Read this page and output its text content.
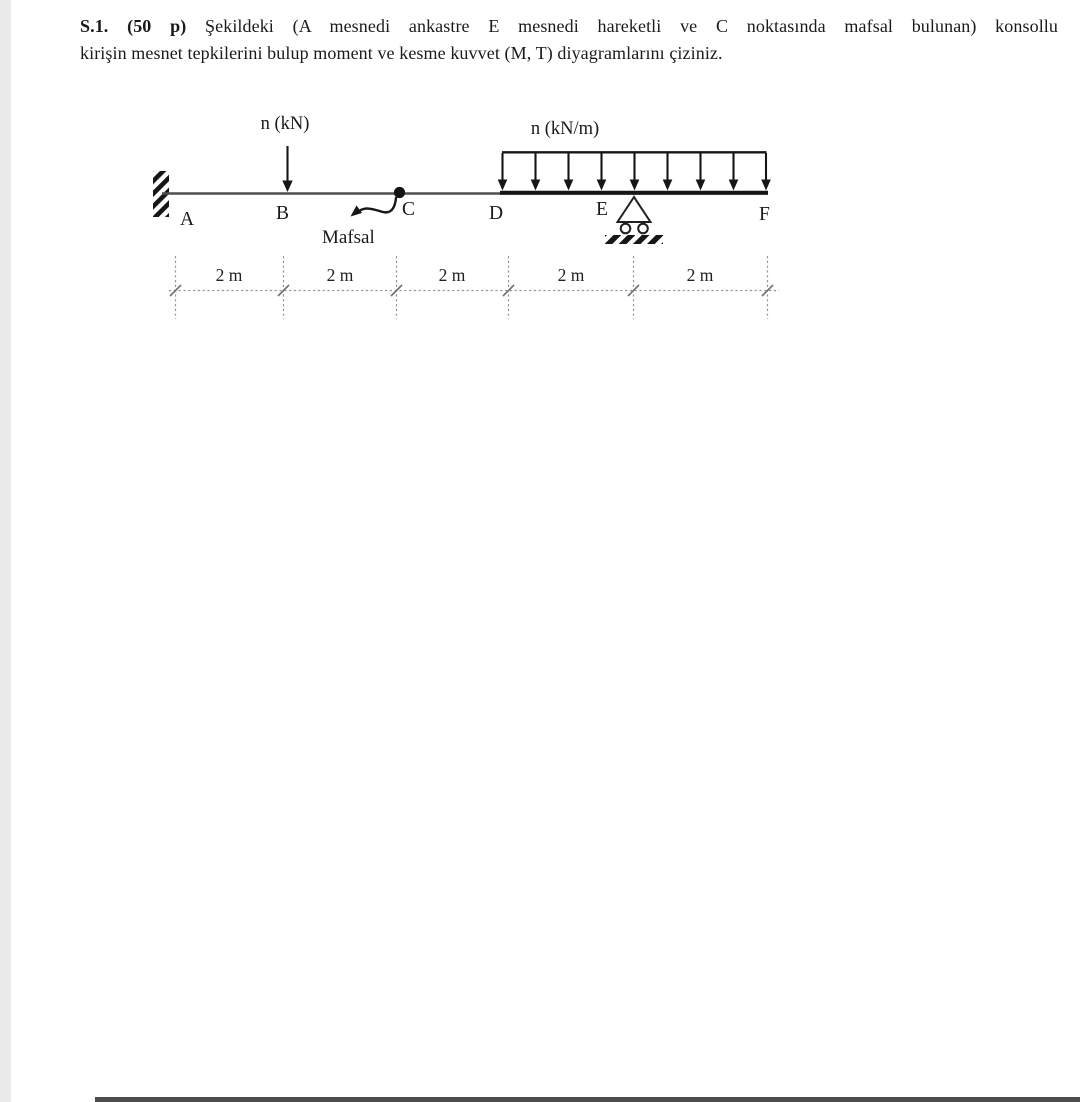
S.1. (50 p) Şekildeki (A mesnedi ankastre E mesnedi hareketli ve C noktasında mafsal bulunan) konsollu
kirişin mesnet tepkilerini bulup moment ve kesme kuvvet (M, T) diyagramlarını çiziniz.
n (kN)	n (kN/m)
A	B	C	D	E	F
Mafsal
2 m	2 m	2 m	2 m	2 m
